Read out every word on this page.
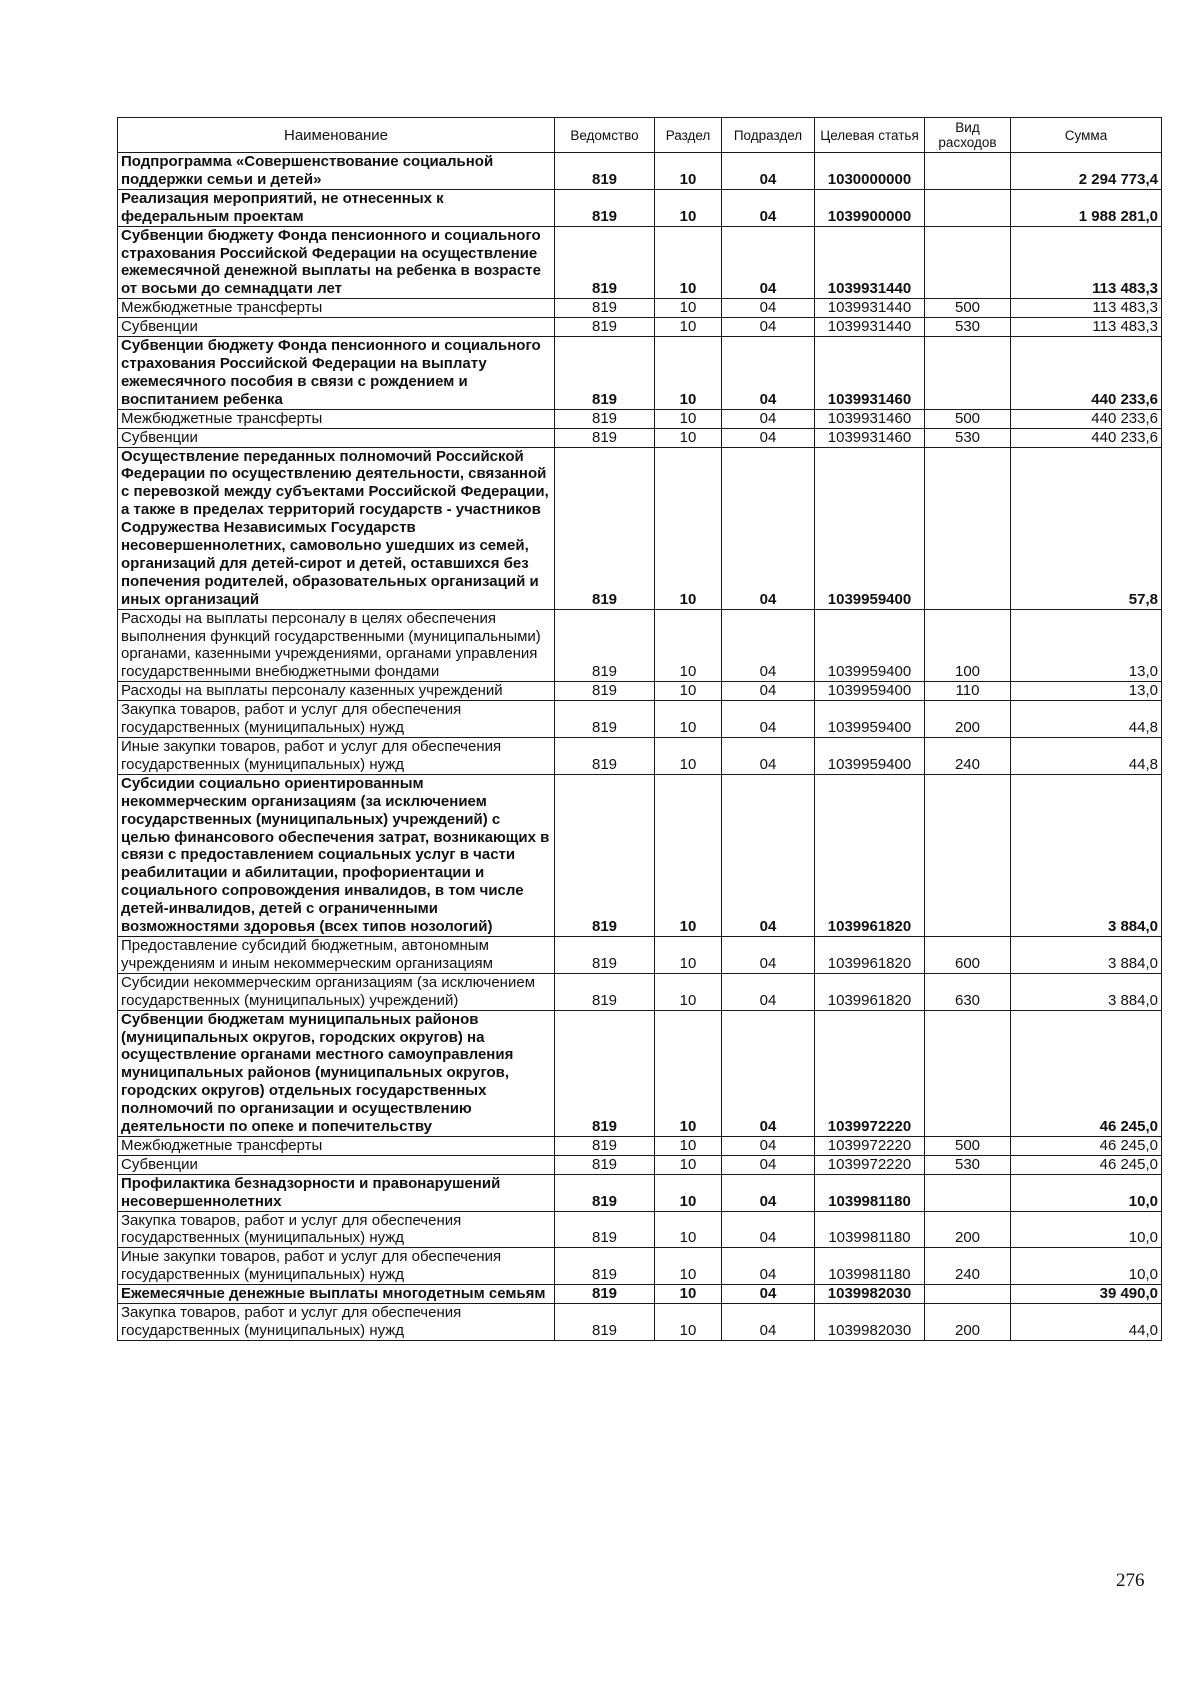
Наименование	Ведомство	Раздел	Подраздел	Целевая статья	Вид расходов	Сумма
Подпрограмма «Совершенствование социальной поддержки семьи и детей»	819	10	04	1030000000		2 294 773,4
Реализация мероприятий, не отнесенных к федеральным проектам	819	10	04	1039900000		1 988 281,0
Субвенции бюджету Фонда пенсионного и социального страхования Российской Федерации на осуществление ежемесячной денежной выплаты на ребенка в возрасте от восьми до семнадцати лет	819	10	04	1039931440		113 483,3
Межбюджетные трансферты	819	10	04	1039931440	500	113 483,3
Субвенции	819	10	04	1039931440	530	113 483,3
Субвенции бюджету Фонда пенсионного и социального страхования Российской Федерации на выплату ежемесячного пособия в связи с рождением и воспитанием ребенка	819	10	04	1039931460		440 233,6
Межбюджетные трансферты	819	10	04	1039931460	500	440 233,6
Субвенции	819	10	04	1039931460	530	440 233,6
Осуществление переданных полномочий Российской Федерации по осуществлению деятельности, связанной с перевозкой между субъектами Российской Федерации, а также в пределах территорий государств - участников Содружества Независимых Государств несовершеннолетних, самовольно ушедших из семей, организаций для детей-сирот и детей, оставшихся без попечения родителей, образовательных организаций и иных организаций	819	10	04	1039959400		57,8
Расходы на выплаты персоналу в целях обеспечения выполнения функций государственными (муниципальными) органами, казенными учреждениями, органами управления государственными внебюджетными фондами	819	10	04	1039959400	100	13,0
Расходы на выплаты персоналу казенных учреждений	819	10	04	1039959400	110	13,0
Закупка товаров, работ и услуг для обеспечения государственных (муниципальных) нужд	819	10	04	1039959400	200	44,8
Иные закупки товаров, работ и услуг для обеспечения государственных (муниципальных) нужд	819	10	04	1039959400	240	44,8
Субсидии социально ориентированным некоммерческим организациям (за исключением государственных (муниципальных) учреждений) с целью финансового обеспечения затрат, возникающих в связи с предоставлением социальных услуг в части реабилитации и абилитации, профориентации и социального сопровождения инвалидов, в том числе детей-инвалидов, детей с ограниченными возможностями здоровья (всех типов нозологий)	819	10	04	1039961820		3 884,0
Предоставление субсидий бюджетным, автономным учреждениям и иным некоммерческим организациям	819	10	04	1039961820	600	3 884,0
Субсидии некоммерческим организациям (за исключением государственных (муниципальных) учреждений)	819	10	04	1039961820	630	3 884,0
Субвенции бюджетам муниципальных районов (муниципальных округов, городских округов) на осуществление органами местного самоуправления муниципальных районов (муниципальных округов, городских округов) отдельных государственных полномочий по организации и осуществлению деятельности по опеке и попечительству	819	10	04	1039972220		46 245,0
Межбюджетные трансферты	819	10	04	1039972220	500	46 245,0
Субвенции	819	10	04	1039972220	530	46 245,0
Профилактика безнадзорности и правонарушений несовершеннолетних	819	10	04	1039981180		10,0
Закупка товаров, работ и услуг для обеспечения государственных (муниципальных) нужд	819	10	04	1039981180	200	10,0
Иные закупки товаров, работ и услуг для обеспечения государственных (муниципальных) нужд	819	10	04	1039981180	240	10,0
Ежемесячные денежные выплаты многодетным семьям	819	10	04	1039982030		39 490,0
Закупка товаров, работ и услуг для обеспечения государственных (муниципальных) нужд	819	10	04	1039982030	200	44,0
276
